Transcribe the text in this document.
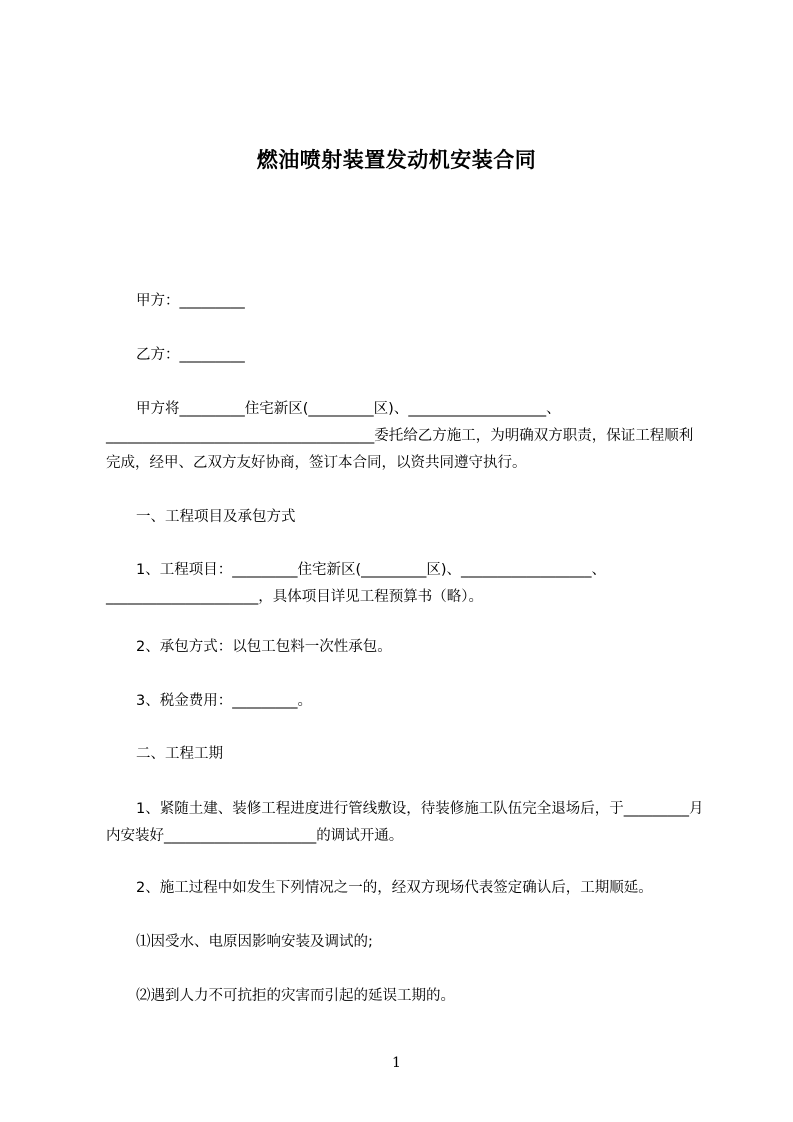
燃油喷射装置发动机安装合同

甲方：_________

乙方：_________

甲方将_________住宅新区(_________区)、___________________、_____________________________________委托给乙方施工，为明确双方职责，保证工程顺利完成，经甲、乙双方友好协商，签订本合同，以资共同遵守执行。

一、工程项目及承包方式

1、工程项目：_________住宅新区(_________区)、__________________、_____________________，具体项目详见工程预算书（略）。

2、承包方式：以包工包料一次性承包。

3、税金费用：_________。

二、工程工期

1、紧随土建、装修工程进度进行管线敷设，待装修施工队伍完全退场后，于_________月内安装好_____________________的调试开通。

2、施工过程中如发生下列情况之一的，经双方现场代表签定确认后，工期顺延。

⑴因受水、电原因影响安装及调试的;

⑵遇到人力不可抗拒的灾害而引起的延误工期的。

1
